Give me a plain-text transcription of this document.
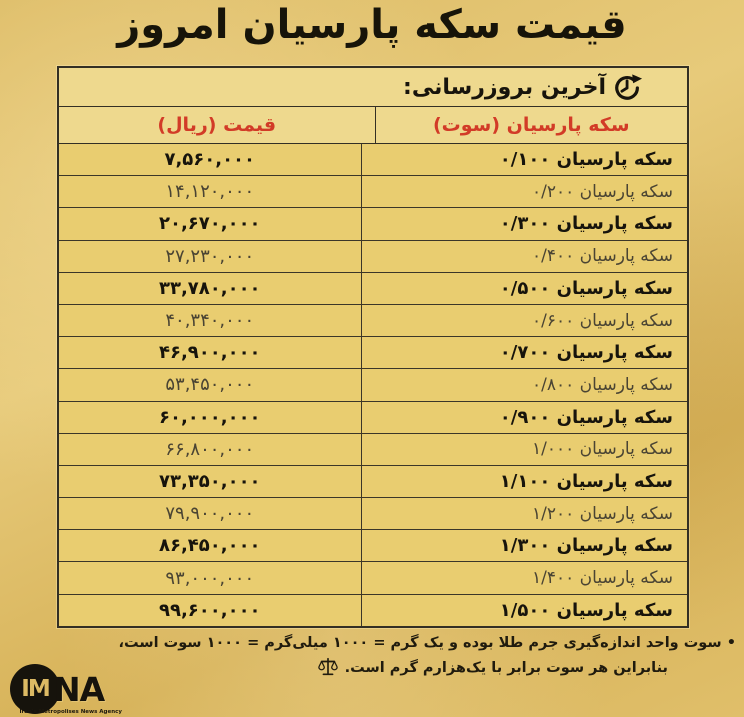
قیمت سکه پارسیان امروز
آخرین بروزرسانی:
سکه پارسیان (سوت)
قیمت (ریال)
سکه پارسیان ۰/۱۰۰
۷,۵۶۰,۰۰۰
سکه پارسیان ۰/۲۰۰
۱۴,۱۲۰,۰۰۰
سکه پارسیان ۰/۳۰۰
۲۰,۶۷۰,۰۰۰
سکه پارسیان ۰/۴۰۰
۲۷,۲۳۰,۰۰۰
سکه پارسیان ۰/۵۰۰
۳۳,۷۸۰,۰۰۰
سکه پارسیان ۰/۶۰۰
۴۰,۳۴۰,۰۰۰
سکه پارسیان ۰/۷۰۰
۴۶,۹۰۰,۰۰۰
سکه پارسیان ۰/۸۰۰
۵۳,۴۵۰,۰۰۰
سکه پارسیان ۰/۹۰۰
۶۰,۰۰۰,۰۰۰
سکه پارسیان ۱/۰۰۰
۶۶,۸۰۰,۰۰۰
سکه پارسیان ۱/۱۰۰
۷۳,۳۵۰,۰۰۰
سکه پارسیان ۱/۲۰۰
۷۹,۹۰۰,۰۰۰
سکه پارسیان ۱/۳۰۰
۸۶,۴۵۰,۰۰۰
سکه پارسیان ۱/۴۰۰
۹۳,۰۰۰,۰۰۰
سکه پارسیان ۱/۵۰۰
۹۹,۶۰۰,۰۰۰
• سوت واحد اندازه‌گیری جرم طلا بوده و یک گرم = ۱۰۰۰ میلی‌گرم = ۱۰۰۰ سوت است،
بنابراین هر سوت برابر با یک‌هزارم گرم است.
IM NA
Iran's Metropolises News Agency
